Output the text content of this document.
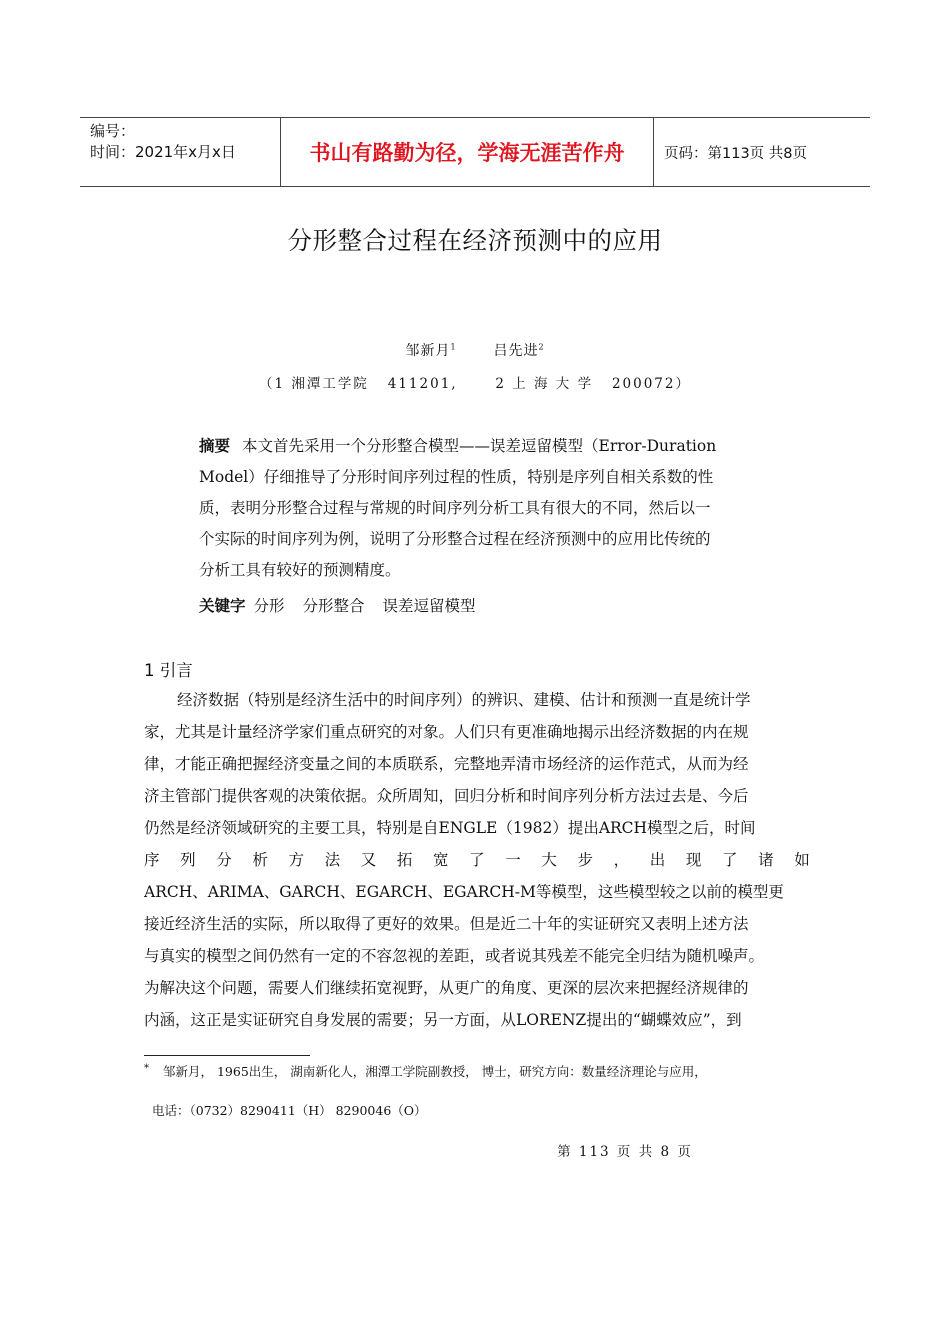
编号：
时间：2021年x月x日	书山有路勤为径，学海无涯苦作舟	页码：第113页 共8页
分形整合过程在经济预测中的应用
邹新月$^1$	吕先进$^2$
（1 湘潭工学院   411201,      2 上 海 大 学   200072）
摘要 本文首先采用一个分形整合模型——误差逗留模型（Error-Duration
Model）仔细推导了分形时间序列过程的性质，特别是序列自相关系数的性
质，表明分形整合过程与常规的时间序列分析工具有很大的不同，然后以一
个实际的时间序列为例，说明了分形整合过程在经济预测中的应用比传统的
分析工具有较好的预测精度。
关键字 分形 分形整合 误差逗留模型
1 引言
经济数据（特别是经济生活中的时间序列）的辨识、建模、估计和预测一直是统计学
家，尤其是计量经济学家们重点研究的对象。人们只有更准确地揭示出经济数据的内在规
律，才能正确把握经济变量之间的本质联系，完整地弄清市场经济的运作范式，从而为经
济主管部门提供客观的决策依据。众所周知，回归分析和时间序列分析方法过去是、今后
仍然是经济领域研究的主要工具，特别是自ENGLE（1982）提出ARCH模型之后，时间
序 列 分 析 方 法 又 拓 宽 了 一 大 步 ， 出 现 了 诸 如
ARCH、ARIMA、GARCH、EGARCH、EGARCH-M等模型，这些模型较之以前的模型更
接近经济生活的实际，所以取得了更好的效果。但是近二十年的实证研究又表明上述方法
与真实的模型之间仍然有一定的不容忽视的差距，或者说其残差不能完全归结为随机噪声。
为解决这个问题，需要人们继续拓宽视野，从更广的角度、更深的层次来把握经济规律的
内涵，这正是实证研究自身发展的需要；另一方面，从LORENZ提出的“蝴蝶效应”，到
* 邹新月， 1965出生， 湖南新化人，湘潭工学院副教授， 博士，研究方向：数量经济理论与应用，
电话：（0732）8290411（H） 8290046（O）
第 113 页 共 8 页
